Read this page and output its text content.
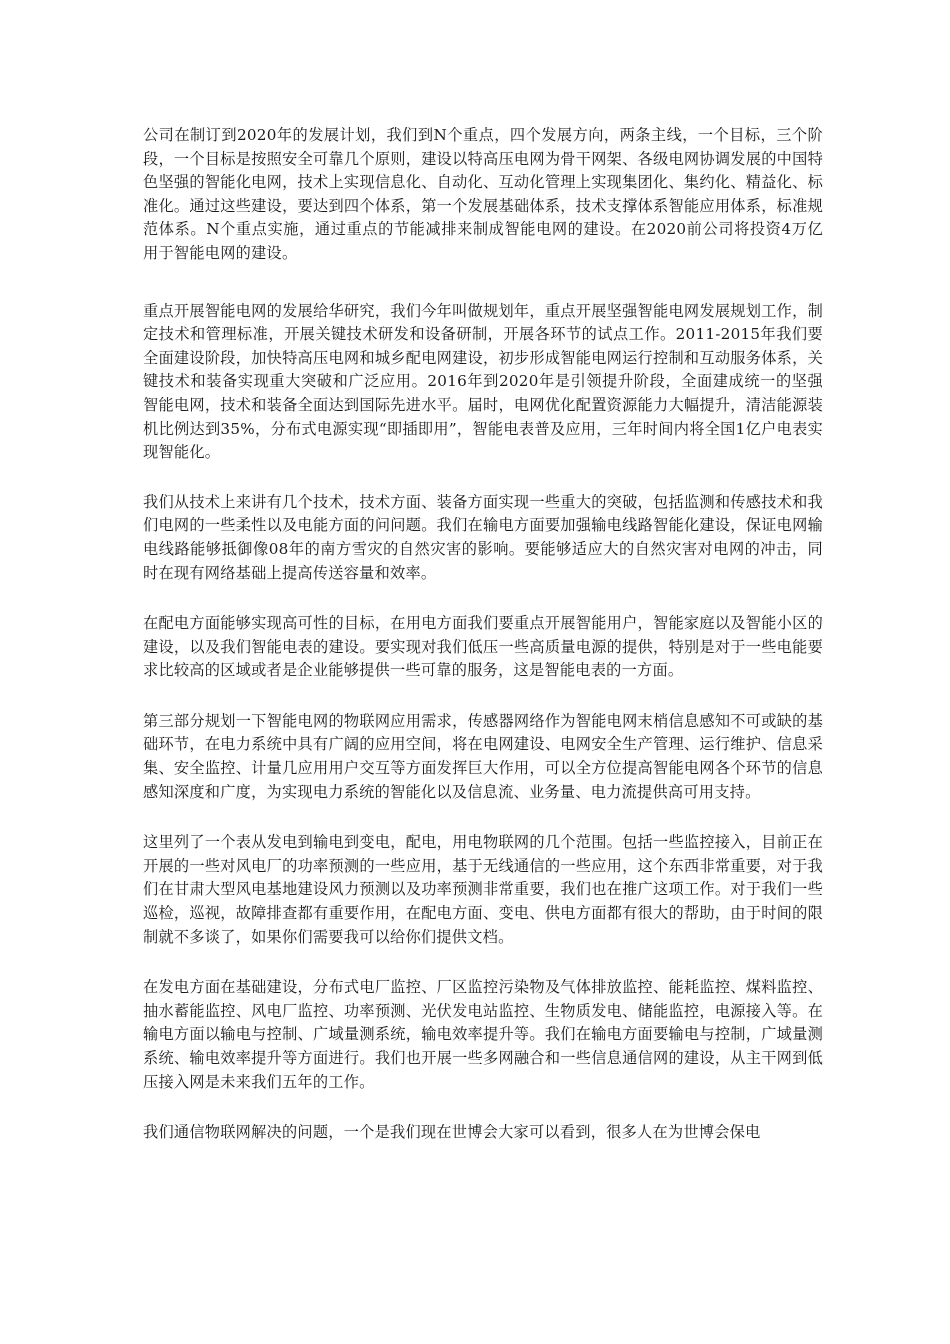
公司在制订到2020年的发展计划，我们到N个重点，四个发展方向，两条主线，一个目标，三个阶段，一个目标是按照安全可靠几个原则，建设以特高压电网为骨干网架、各级电网协调发展的中国特色坚强的智能化电网，技术上实现信息化、自动化、互动化管理上实现集团化、集约化、精益化、标准化。通过这些建设，要达到四个体系，第一个发展基础体系，技术支撑体系智能应用体系，标准规范体系。N个重点实施，通过重点的节能减排来制成智能电网的建设。在2020前公司将投资4万亿用于智能电网的建设。

重点开展智能电网的发展给华研究，我们今年叫做规划年，重点开展坚强智能电网发展规划工作，制定技术和管理标准，开展关键技术研发和设备研制，开展各环节的试点工作。2011-2015年我们要全面建设阶段，加快特高压电网和城乡配电网建设，初步形成智能电网运行控制和互动服务体系，关键技术和装备实现重大突破和广泛应用。2016年到2020年是引领提升阶段，全面建成统一的坚强智能电网，技术和装备全面达到国际先进水平。届时，电网优化配置资源能力大幅提升，清洁能源装机比例达到35%，分布式电源实现“即插即用”，智能电表普及应用，三年时间内将全国1亿户电表实现智能化。

我们从技术上来讲有几个技术，技术方面、装备方面实现一些重大的突破，包括监测和传感技术和我们电网的一些柔性以及电能方面的问问题。我们在输电方面要加强输电线路智能化建设，保证电网输电线路能够抵御像08年的南方雪灾的自然灾害的影响。要能够适应大的自然灾害对电网的冲击，同时在现有网络基础上提高传送容量和效率。

在配电方面能够实现高可性的目标，在用电方面我们要重点开展智能用户，智能家庭以及智能小区的建设，以及我们智能电表的建设。要实现对我们低压一些高质量电源的提供，特别是对于一些电能要求比较高的区域或者是企业能够提供一些可靠的服务，这是智能电表的一方面。

第三部分规划一下智能电网的物联网应用需求，传感器网络作为智能电网末梢信息感知不可或缺的基础环节，在电力系统中具有广阔的应用空间，将在电网建设、电网安全生产管理、运行维护、信息采集、安全监控、计量几应用用户交互等方面发挥巨大作用，可以全方位提高智能电网各个环节的信息感知深度和广度，为实现电力系统的智能化以及信息流、业务量、电力流提供高可用支持。

这里列了一个表从发电到输电到变电，配电，用电物联网的几个范围。包括一些监控接入，目前正在开展的一些对风电厂的功率预测的一些应用，基于无线通信的一些应用，这个东西非常重要，对于我们在甘肃大型风电基地建设风力预测以及功率预测非常重要，我们也在推广这项工作。对于我们一些巡检，巡视，故障排查都有重要作用，在配电方面、变电、供电方面都有很大的帮助，由于时间的限制就不多谈了，如果你们需要我可以给你们提供文档。

在发电方面在基础建设，分布式电厂监控、厂区监控污染物及气体排放监控、能耗监控、煤料监控、抽水蓄能监控、风电厂监控、功率预测、光伏发电站监控、生物质发电、储能监控，电源接入等。在输电方面以输电与控制、广域量测系统，输电效率提升等。我们在输电方面要输电与控制，广域量测系统、输电效率提升等方面进行。我们也开展一些多网融合和一些信息通信网的建设，从主干网到低压接入网是未来我们五年的工作。

我们通信物联网解决的问题，一个是我们现在世博会大家可以看到，很多人在为世博会保电
